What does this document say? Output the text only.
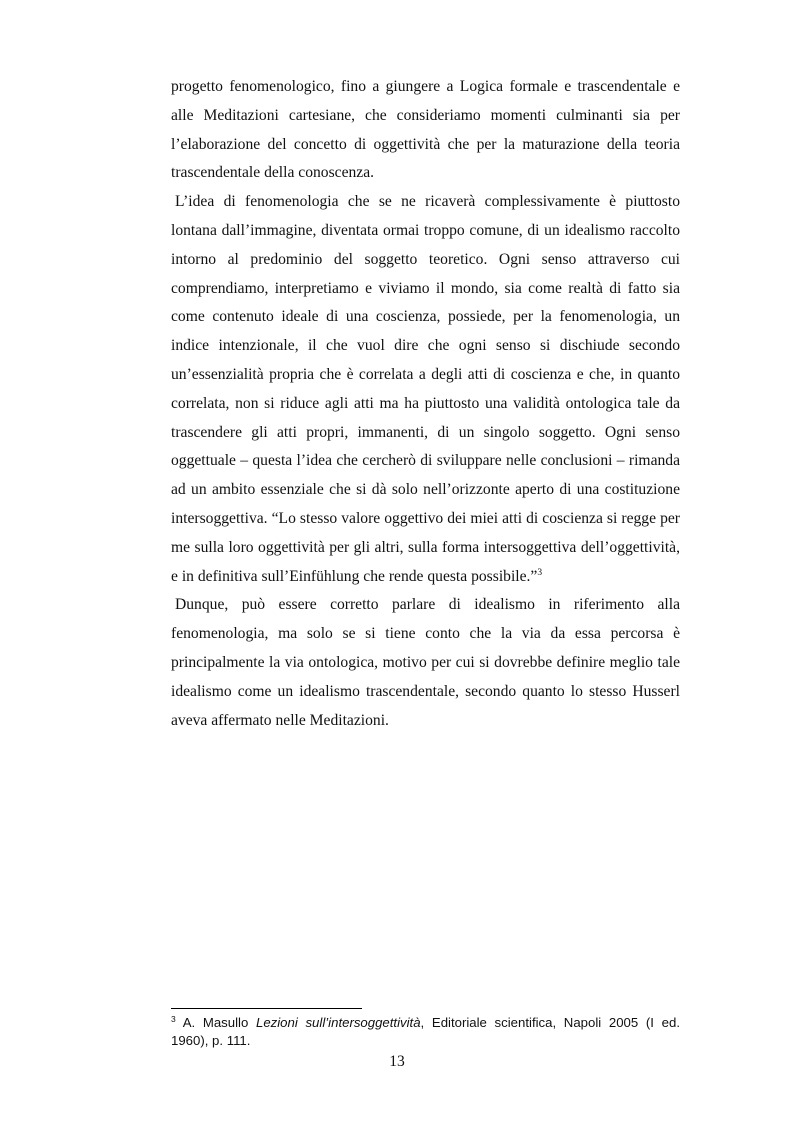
progetto fenomenologico, fino a giungere a Logica formale e trascendentale e alle Meditazioni cartesiane, che consideriamo momenti culminanti sia per l’elaborazione del concetto di oggettività che per la maturazione della teoria trascendentale della conoscenza.

L’idea di fenomenologia che se ne ricaverà complessivamente è piuttosto lontana dall’immagine, diventata ormai troppo comune, di un idealismo raccolto intorno al predominio del soggetto teoretico. Ogni senso attraverso cui comprendiamo, interpretiamo e viviamo il mondo, sia come realtà di fatto sia come contenuto ideale di una coscienza, possiede, per la fenomenologia, un indice intenzionale, il che vuol dire che ogni senso si dischiude secondo un’essenzialità propria che è correlata a degli atti di coscienza e che, in quanto correlata, non si riduce agli atti ma ha piuttosto una validità ontologica tale da trascendere gli atti propri, immanenti, di un singolo soggetto. Ogni senso oggettuale – questa l’idea che cercherò di sviluppare nelle conclusioni – rimanda ad un ambito essenziale che si dà solo nell’orizzonte aperto di una costituzione intersoggettiva. “Lo stesso valore oggettivo dei miei atti di coscienza si regge per me sulla loro oggettività per gli altri, sulla forma intersoggettiva dell’oggettività, e in definitiva sull’Einfühlung che rende questa possibile.”$^3$

Dunque, può essere corretto parlare di idealismo in riferimento alla fenomenologia, ma solo se si tiene conto che la via da essa percorsa è principalmente la via ontologica, motivo per cui si dovrebbe definire meglio tale idealismo come un idealismo trascendentale, secondo quanto lo stesso Husserl aveva affermato nelle Meditazioni.

$^3$ A. Masullo Lezioni sull’intersoggettività, Editoriale scientifica, Napoli 2005 (I ed. 1960), p. 111.
13
